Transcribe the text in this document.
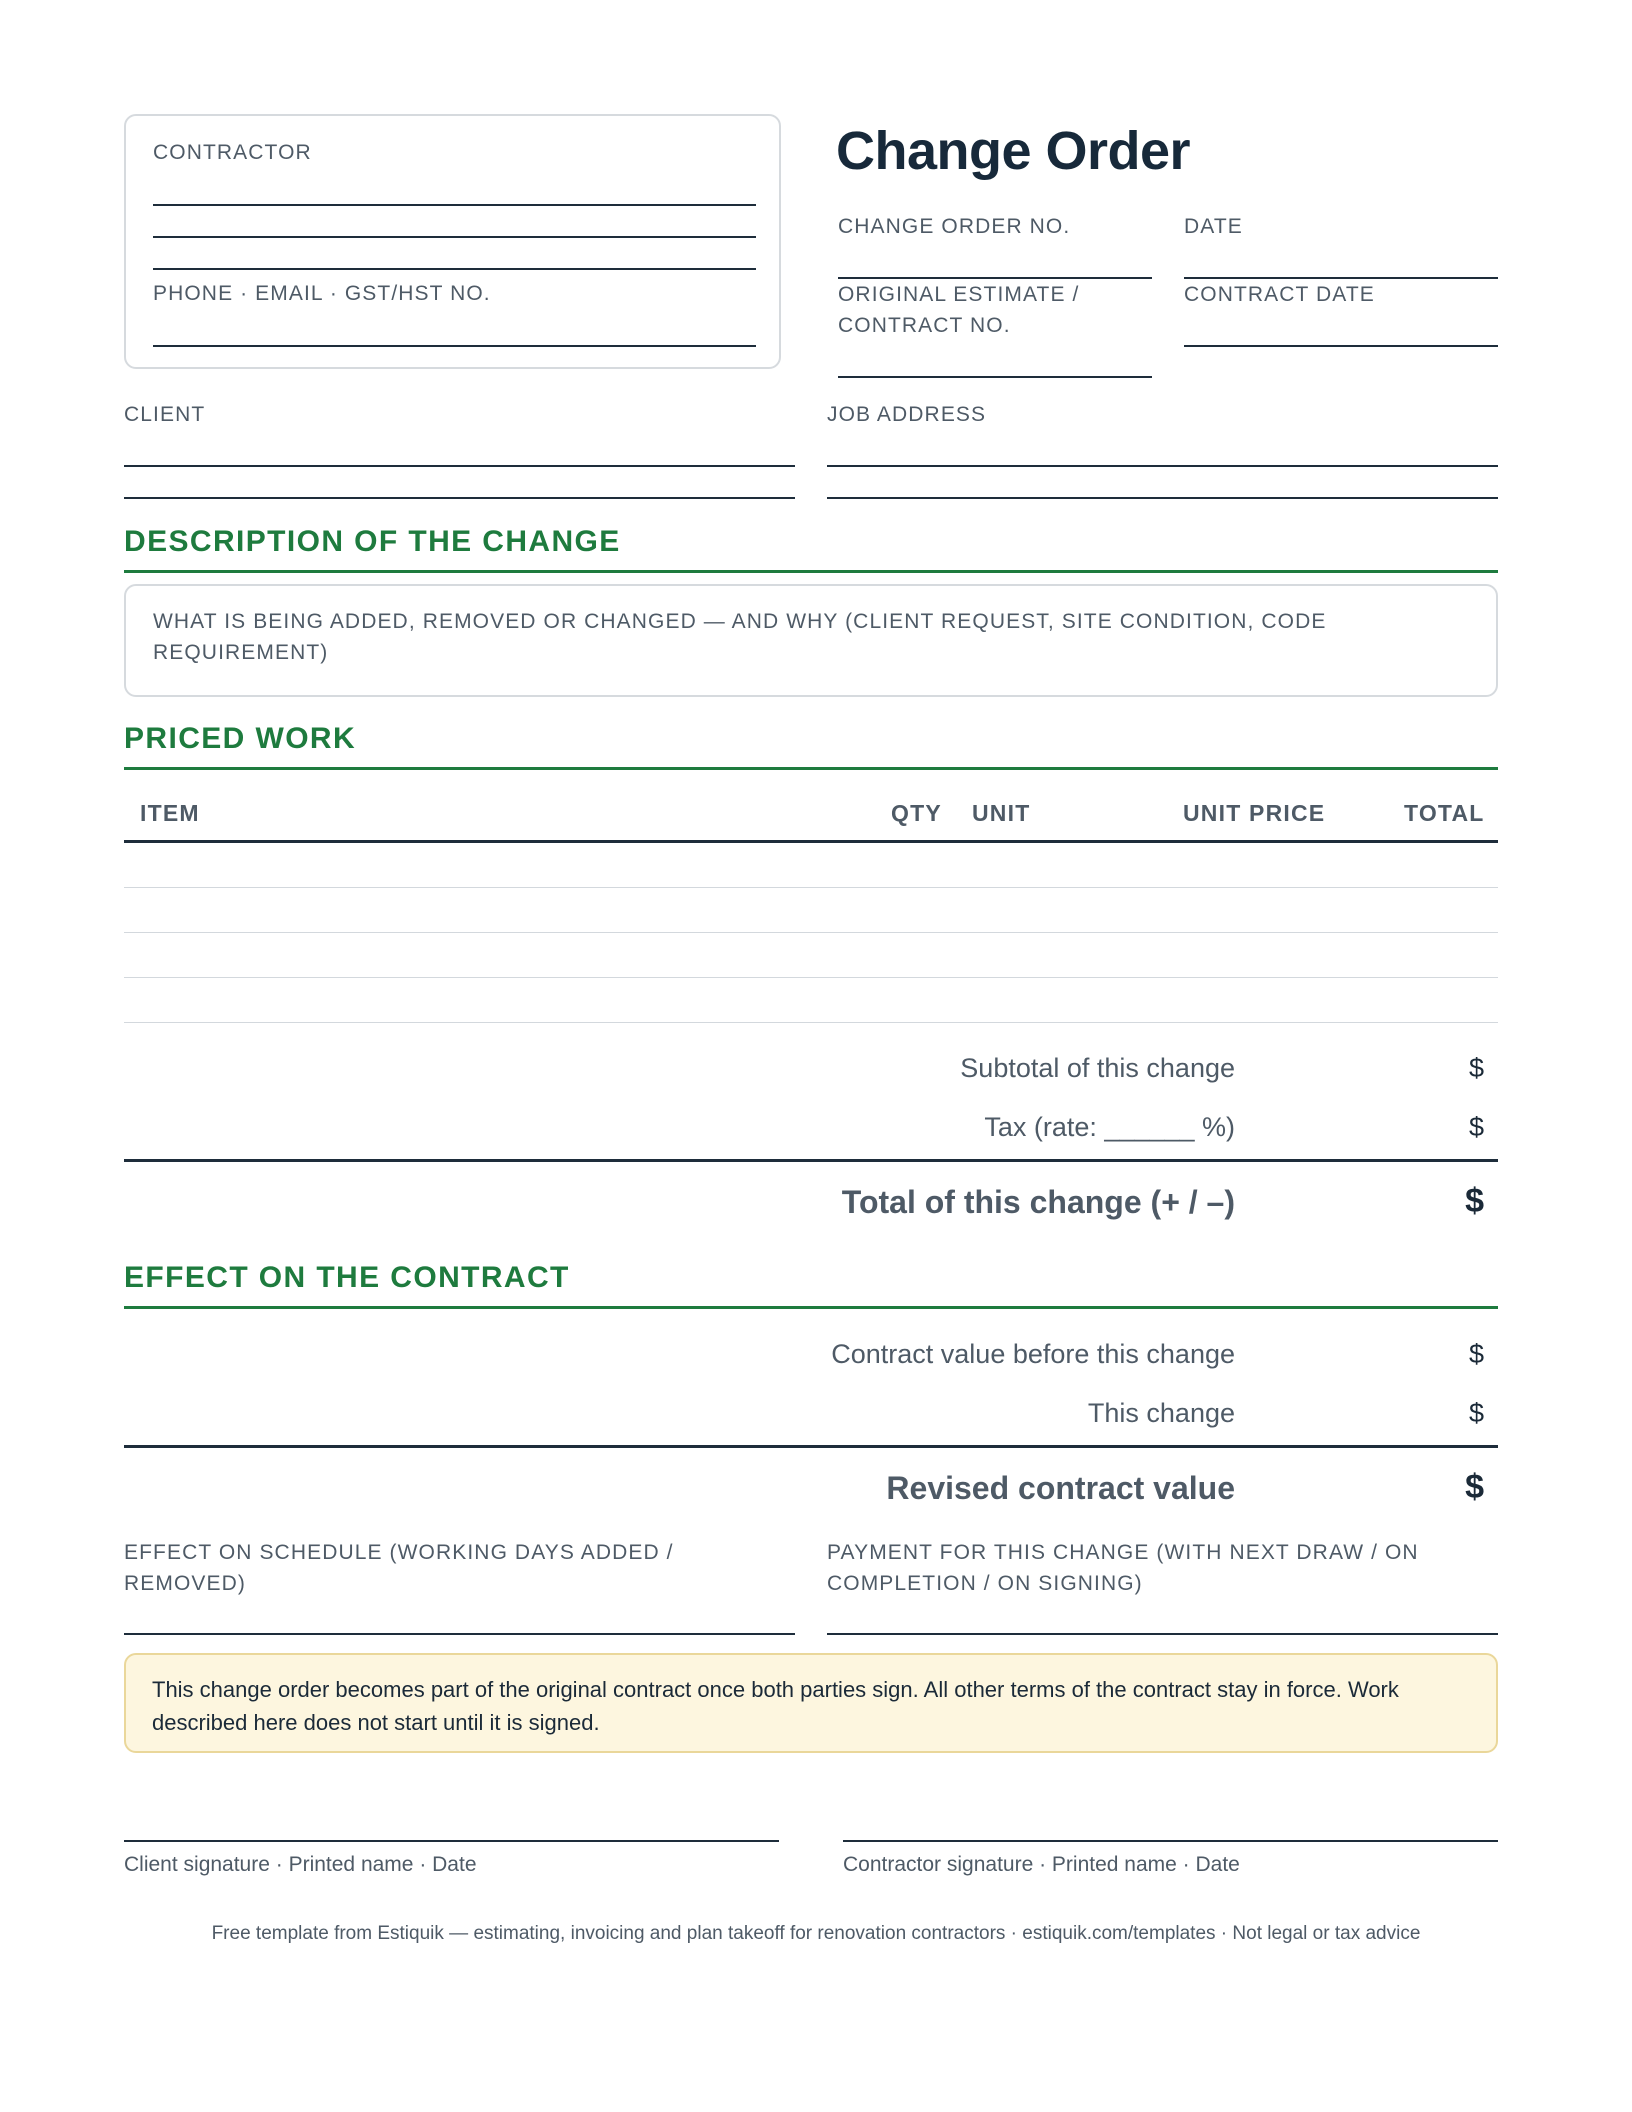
CONTRACTOR
PHONE · EMAIL · GST/HST NO.
Change Order
CHANGE ORDER NO.	DATE
ORIGINAL ESTIMATE /
CONTRACT NO.
CONTRACT DATE
CLIENT	JOB ADDRESS
DESCRIPTION OF THE CHANGE
WHAT IS BEING ADDED, REMOVED OR CHANGED — AND WHY (CLIENT REQUEST, SITE CONDITION, CODE
REQUIREMENT)
PRICED WORK
ITEM	QTY UNIT	UNIT PRICE	TOTAL
Subtotal of this change	$
Tax (rate: ______ %)	$
Total of this change (+ / –)	$
EFFECT ON THE CONTRACT
Contract value before this change	$
This change	$
Revised contract value	$
EFFECT ON SCHEDULE (WORKING DAYS ADDED /
REMOVED)
PAYMENT FOR THIS CHANGE (WITH NEXT DRAW / ON
COMPLETION / ON SIGNING)
This change order becomes part of the original contract once both parties sign. All other terms of the contract stay in force. Work
described here does not start until it is signed.
Client signature · Printed name · Date	Contractor signature · Printed name · Date
Free template from Estiquik — estimating, invoicing and plan takeoff for renovation contractors · estiquik.com/templates · Not legal or tax advice
